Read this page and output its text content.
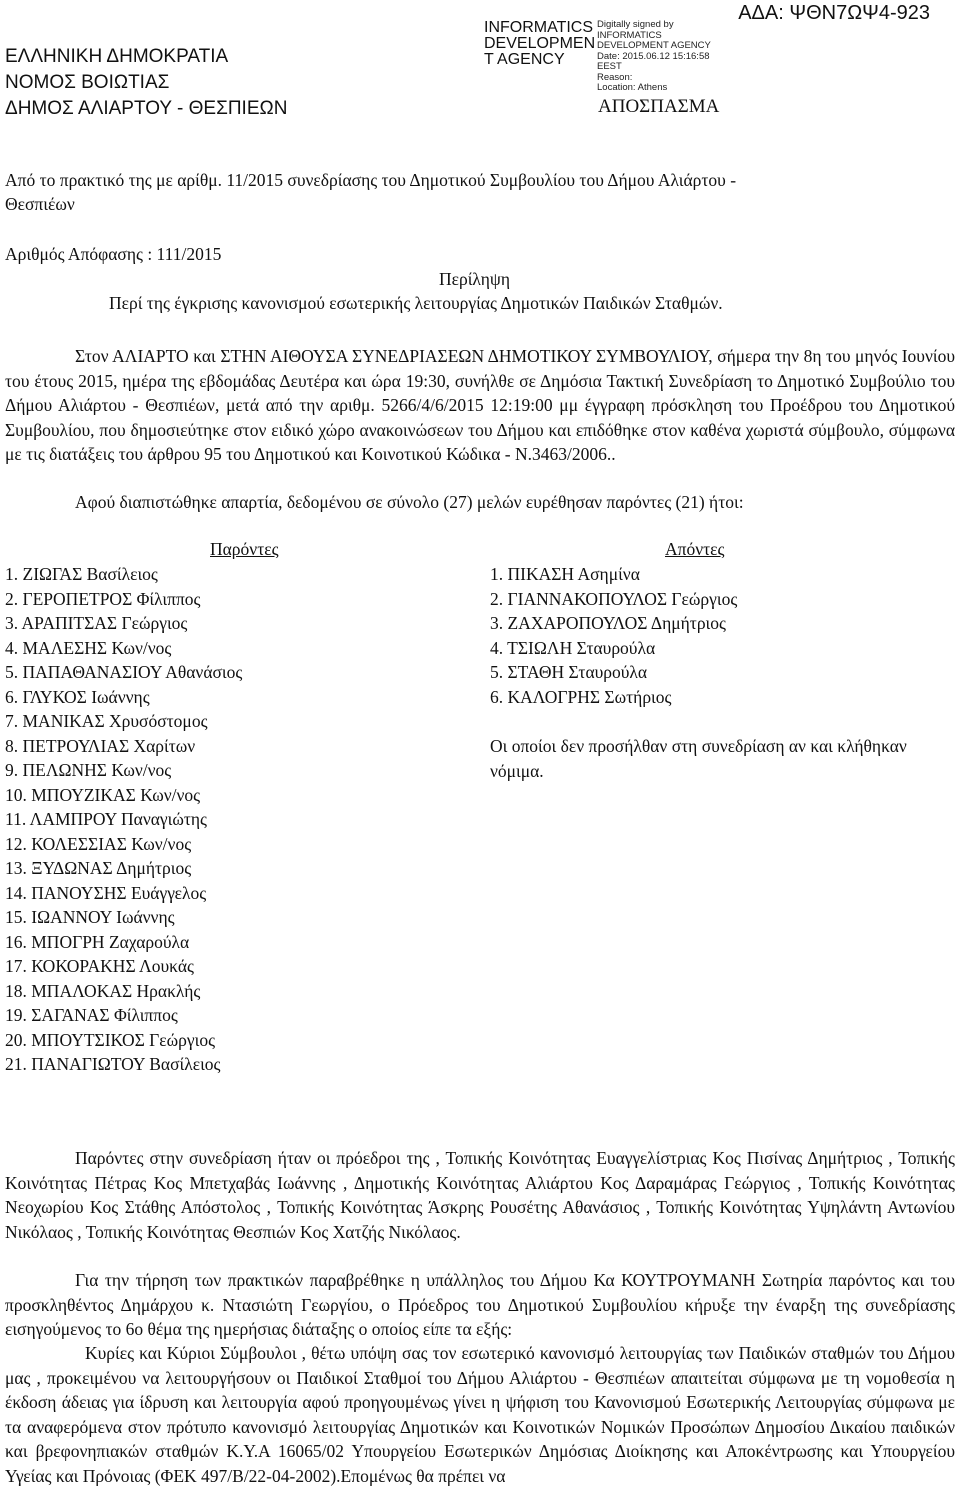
ΕΛΛΗΝΙΚΗ ΔΗΜΟΚΡΑΤΙΑ
ΝΟΜΟΣ ΒΟΙΩΤΙΑΣ
ΔΗΜΟΣ ΑΛΙΑΡΤΟΥ - ΘΕΣΠΙΕΩΝ
INFORMATICS DEVELOPMEN T AGENCY
Digitally signed by
INFORMATICS
DEVELOPMENT AGENCY
Date: 2015.06.12 15:16:58
EEST
Reason:
Location: Athens
ΑΔΑ: ΨΘΝ7ΩΨ4-923
ΑΠΟΣΠΑΣΜΑ
Από το πρακτικό της με αρίθμ. 11/2015 συνεδρίασης του Δημοτικού Συμβουλίου του Δήμου Αλιάρτου -
Θεσπιέων
Αριθμός Απόφασης : 111/2015
Περίληψη
Περί της έγκρισης κανονισμού εσωτερικής λειτουργίας Δημοτικών Παιδικών Σταθμών.
Στον ΑΛΙΑΡΤΟ και ΣΤΗΝ ΑΙΘΟΥΣΑ ΣΥΝΕΔΡΙΑΣΕΩΝ ΔΗΜΟΤΙΚΟΥ ΣΥΜΒΟΥΛΙΟΥ, σήμερα την 8η του μηνός Ιουνίου του έτους 2015, ημέρα της εβδομάδας Δευτέρα και ώρα 19:30, συνήλθε σε Δημόσια Τακτική Συνεδρίαση το Δημοτικό Συμβούλιο του Δήμου Αλιάρτου - Θεσπιέων, μετά από την αριθμ. 5266/4/6/2015 12:19:00 μμ έγγραφη πρόσκληση του Προέδρου του Δημοτικού Συμβουλίου, που δημοσιεύτηκε στον ειδικό χώρο ανακοινώσεων του Δήμου και επιδόθηκε στον καθένα χωριστά σύμβουλο, σύμφωνα με τις διατάξεις του άρθρου 95 του Δημοτικού και Κοινοτικού Κώδικα - Ν.3463/2006..
Αφού διαπιστώθηκε απαρτία, δεδομένου σε σύνολο (27) μελών ευρέθησαν παρόντες (21) ήτοι:
Παρόντες
1. ΖΙΩΓΑΣ Βασίλειος
2. ΓΕΡΟΠΕΤΡΟΣ Φίλιππος
3. ΑΡΑΠΙΤΣΑΣ Γεώργιος
4. ΜΑΛΕΣΗΣ Κων/νος
5. ΠΑΠΑΘΑΝΑΣΙΟΥ Αθανάσιος
6. ΓΛΥΚΟΣ Ιωάννης
7. ΜΑΝΙΚΑΣ Χρυσόστομος
8. ΠΕΤΡΟΥΛΙΑΣ Χαρίτων
9. ΠΕΛΩΝΗΣ Κων/νος
10. ΜΠΟΥΖΙΚΑΣ Κων/νος
11. ΛΑΜΠΡΟΥ Παναγιώτης
12. ΚΟΛΕΣΣΙΑΣ Κων/νος
13. ΞΥΔΩΝΑΣ Δημήτριος
14. ΠΑΝΟΥΣΗΣ Ευάγγελος
15. ΙΩΑΝΝΟΥ Ιωάννης
16. ΜΠΟΓΡΗ Ζαχαρούλα
17. ΚΟΚΟΡΑΚΗΣ Λουκάς
18. ΜΠΑΛΟΚΑΣ Ηρακλής
19. ΣΑΓΑΝΑΣ Φίλιππος
20. ΜΠΟΥΤΣΙΚΟΣ Γεώργιος
21. ΠΑΝΑΓΙΩΤΟΥ Βασίλειος
Απόντες
1. ΠΙΚΑΣΗ Ασημίνα
2. ΓΙΑΝΝΑΚΟΠΟΥΛΟΣ Γεώργιος
3. ΖΑΧΑΡΟΠΟΥΛΟΣ Δημήτριος
4. ΤΣΙΩΛΗ Σταυρούλα
5. ΣΤΑΘΗ Σταυρούλα
6. ΚΑΛΟΓΡΗΣ Σωτήριος
Οι οποίοι δεν προσήλθαν στη συνεδρίαση αν και κλήθηκαν νόμιμα.
Παρόντες στην συνεδρίαση ήταν οι πρόεδροι της , Τοπικής Κοινότητας Ευαγγελίστριας Κος Πισίνας Δημήτριος , Τοπικής Κοινότητας Πέτρας Κος Μπετχαβάς Ιωάννης , Δημοτικής Κοινότητας Αλιάρτου Κος Δαραμάρας Γεώργιος , Τοπικής Κοινότητας Νεοχωρίου Κος Στάθης Απόστολος , Τοπικής Κοινότητας Άσκρης Ρουσέτης Αθανάσιος , Τοπικής Κοινότητας Υψηλάντη Αντωνίου Νικόλαος , Τοπικής Κοινότητας Θεσπιών Κος Χατζής Νικόλαος.
Για την τήρηση των πρακτικών παραβρέθηκε η υπάλληλος του Δήμου Κα ΚΟΥΤΡΟΥΜΑΝΗ Σωτηρία παρόντος και του προσκληθέντος Δημάρχου κ. Ντασιώτη Γεωργίου, ο Πρόεδρος του Δημοτικού Συμβουλίου κήρυξε την έναρξη της συνεδρίασης εισηγούμενος το 6ο θέμα της ημερήσιας διάταξης ο οποίος είπε τα εξής:
Κυρίες και Κύριοι Σύμβουλοι , θέτω υπόψη σας τον εσωτερικό κανονισμό λειτουργίας των Παιδικών σταθμών του Δήμου μας , προκειμένου να λειτουργήσουν οι Παιδικοί Σταθμοί του Δήμου Αλιάρτου - Θεσπιέων απαιτείται σύμφωνα με τη νομοθεσία η έκδοση άδειας για ίδρυση και λειτουργία αφού προηγουμένως γίνει η ψήφιση του Κανονισμού Εσωτερικής Λειτουργίας σύμφωνα με τα αναφερόμενα στον πρότυπο κανονισμό λειτουργίας Δημοτικών και Κοινοτικών Νομικών Προσώπων Δημοσίου Δικαίου παιδικών και βρεφονηπιακών σταθμών Κ.Υ.Α 16065/02 Υπουργείου Εσωτερικών Δημόσιας Διοίκησης και Αποκέντρωσης και Υπουργείου Υγείας και Πρόνοιας (ΦΕΚ 497/Β/22-04-2002).Επομένως θα πρέπει να
